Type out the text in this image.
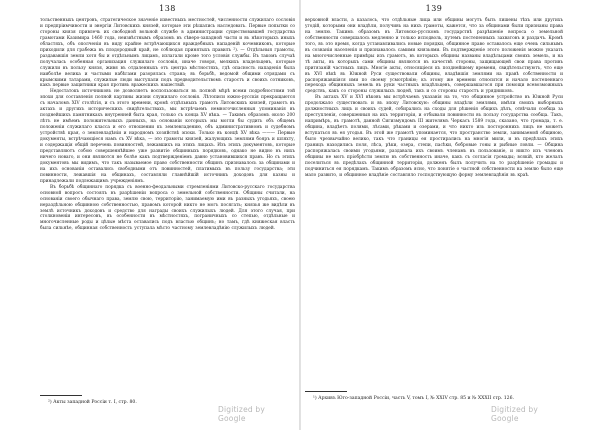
138

тольственныхъ центровъ, стратегическое значеніе известныхъ местностей, численности служилаго сословія и предпріимчивости и энергіи Литовскихъ князей, которые эти рѣшались наследовать. Первые попытки со стороны князя привлечь их свободной вольной службе в администрации существовавшей государства грамотами Казимира 1460 года, неизвѣстнымъ образомъ въ сѣверо-западной части и въ нѣкоторыхъ иныхъ областяхъ, объ ополченіи въ виду крайне встрѣчающихся враждебныхъ нападеній кочевниковъ, которые приходили для грабежа въ плодородный край, не соблюдая принятыхъ правилъ ²). — Отдѣльныя грамоты, раздававшія земли хотя бы и отдѣльнымъ лицамъ, излагали кроме того условія службы. Въ такомъ случаѣ получалась особенная организация служилаго сословія, иначе говоря, мелкихъ владельцевъ, которые служили въ пользу князя, живя въ отдаленныхъ отъ центра мѣстностяхъ, гдѣ опасность нападенія была наиболѣе велика и частыми набѣгами разорялась страна; въ борьбѣ, ведомой общими отрядами съ крымскими татарами, служилые люди выступали подъ предводительствомъ старостъ и своихъ сотниковъ, какъ первые защитники края противъ вражескихъ нашествій.

Недостатокъ источниковъ не дозволяетъ воспользоваться въ полной мѣрѣ всеми подробностями той эпохи для составленія полной картины жизни служилаго сословія. Лѣтописи южно-русскія прекращаются съ началомъ XIV столѣтія, и съ этого времени, кромѣ отдѣльныхъ грамотъ Литовскихъ князей, грамотъ въ актахъ и другихъ историческихъ свидѣтельствахъ, мы встрѣчаемъ немногочисленныя упоминанія въ позднейшихъ памятникахъ внутренней быта края, только съ конца XV вѣка. — Такимъ образомъ около 200 лѣтъ не имѣемъ положительныхъ данныхъ, на основаніи которыхъ мы могли бы судить объ общемъ положеніи служилаго класса и его отношении къ землевладению, объ административномъ и судебномъ устройствѣ края, о землевладѣніи и народномъ хозяйствѣ эпохи. Только въ концѣ XV вѣка ——— Первые документы, встрѣчающіеся намъ съ XV вѣка, — это грамоты князей, жалующихъ землями бояръ и шляхту, и содержащія общій перечень повинностей, лежавшихъ на этихъ лицахъ. Изъ этихъ документовъ, которые представляютъ собою совершеннѣйшее уже развитіе общинныхъ порядковъ, однако не видно въ нихъ ничего новаго, и они являются не болѣе какъ подтвержденіемъ давно установившихся правъ. Но съ этихъ документовъ мы видимъ, что такъ называемое право собственности общинъ признавалось за общинами и на ихъ основаніи оставались свободными отъ повинностей, платимыхъ въ пользу государства; эти повинности, лежавшія на общинахъ, составляли главнѣйшій источникъ доходовъ для казны и принадлежали подлежащимъ учрежденіямъ.

Въ борьбѣ общиннаго порядка съ военно-феодальными стремленіями Литовско-русскаго государства основной вопросъ состоялъ въ разрѣшеніи вопроса о земельной собственности. Общины считали, на основаніи своего обычнаго права, землю свою, территорію, занимаемую ими въ разныхъ угодьяхъ, своею нераздѣльною общинною собственностью, правомъ которой никто не могъ посягать; князья же видѣли въ землѣ источникъ доходовъ и средство для награды своихъ служилыхъ людей. Для этого случая, при столкновеніи интересовъ, въ особенности въ мѣстностяхъ, пограничныхъ со степью, отдѣльные и многочисленные роды и цѣлые мѣста оставались подъ властью общинъ; но тамъ, гдѣ княжеская власть была сильнѣе, общинная собственность уступала мѣсто частному землевладѣнію служилыхъ людей.

²) Акты западной Россіи т. I, стр. 80.
Digitized by Google
139

верховной власти, а казалось, что отдѣльные лица или общины могутъ быть лишены тѣхъ или другихъ угодій, которыми они владѣли, получивъ на нихъ грамоты, кажется, что за общинами были признаны права на землю. Такимъ образомъ въ Литовско-русскомъ государствѣ разрѣшеніе вопроса о земельной собственности совершалось медленно и только исподволь, путемъ постепенныхъ захватовъ и раздачъ. Кромѣ того, въ это время, когда устанавливались новые порядки, общинное право оставалось еще очень сильнымъ въ сознаніи населенія и признавалось самими князьями. Въ подтвержденіе этого положенія можно указать на многочисленные примѣры изъ грамотъ, въ которыхъ общины названы владѣльцами своихъ земель, и на тѣ акты, въ которыхъ сами общины являются въ качествѣ стороны, защищающей свои права противъ притязаній частныхъ лицъ. Многіе акты, относящіеся къ позднейшему времени, свидѣтельствуютъ, что еще въ XVI вѣкѣ въ Южной Руси существовали общины, владѣвшія землями на правѣ собственности и распоряжавшіяся ими по своему усмотрѣнію; къ этому же времени относится и начало постепеннаго перехода общинныхъ земель въ руки частныхъ владѣльцевъ, совершавшагося при помощи всевозможныхъ средствъ, какъ со стороны служилыхъ людей, такъ и со стороны старостъ и урядниковъ.

Въ актахъ XV и XVI вѣковъ мы встрѣчаемъ указанія на то, что общинное устройство въ Южной Руси продолжало существовать и въ эпоху Литовскую: общины владѣли землями, имѣли своихъ выборныхъ должностныхъ лицъ и своихъ судей, собирались на сходы для рѣшенія общихъ дѣлъ, отвѣчали сообща за преступленія, совершенныя на ихъ территоріи, и отбывали повинности въ пользу государства сообща. Такъ, напримѣръ, въ грамотѣ, данной Сигизмундомъ III жителямъ Черкасъ 1589 года, сказано, что громада, т. е. община, владѣетъ полями, лѣсами, рѣками и озерами, и что никто изъ постороннихъ лицъ не можетъ вступаться въ ея угодья. Въ этой же грамотѣ упоминается, что пространство земли, занимаемой общиною, было чрезвычайно велико, такъ что границы ея простирались на многія мили, и въ предѣлахъ этихъ границъ находились поля, лѣса, рѣки, озера, степи, пасѣки, бобровые гоны и рыбные ловли. — Община распоряжалась своими угодьями, раздавала ихъ своимъ членамъ въ пользованіе, и никто изъ членовъ общины не могъ пріобрѣсти землю въ собственность иначе, какъ съ согласія громады; всякій, кто желалъ поселиться въ предѣлахъ общинной территоріи, долженъ былъ получить на то разрѣшеніе громады и подчиниться ея порядкамъ. Такимъ образомъ ясно, что понятіе о частной собственности на землю было еще мало развито, и общинное владѣніе составляло господствующую форму землевладѣнія въ краѣ.

¹) Архивъ Юго-западной Россіи, часть V, томъ I, № XXIV стр. 85 и № XXXII стр. 126.
Digitized by Google
